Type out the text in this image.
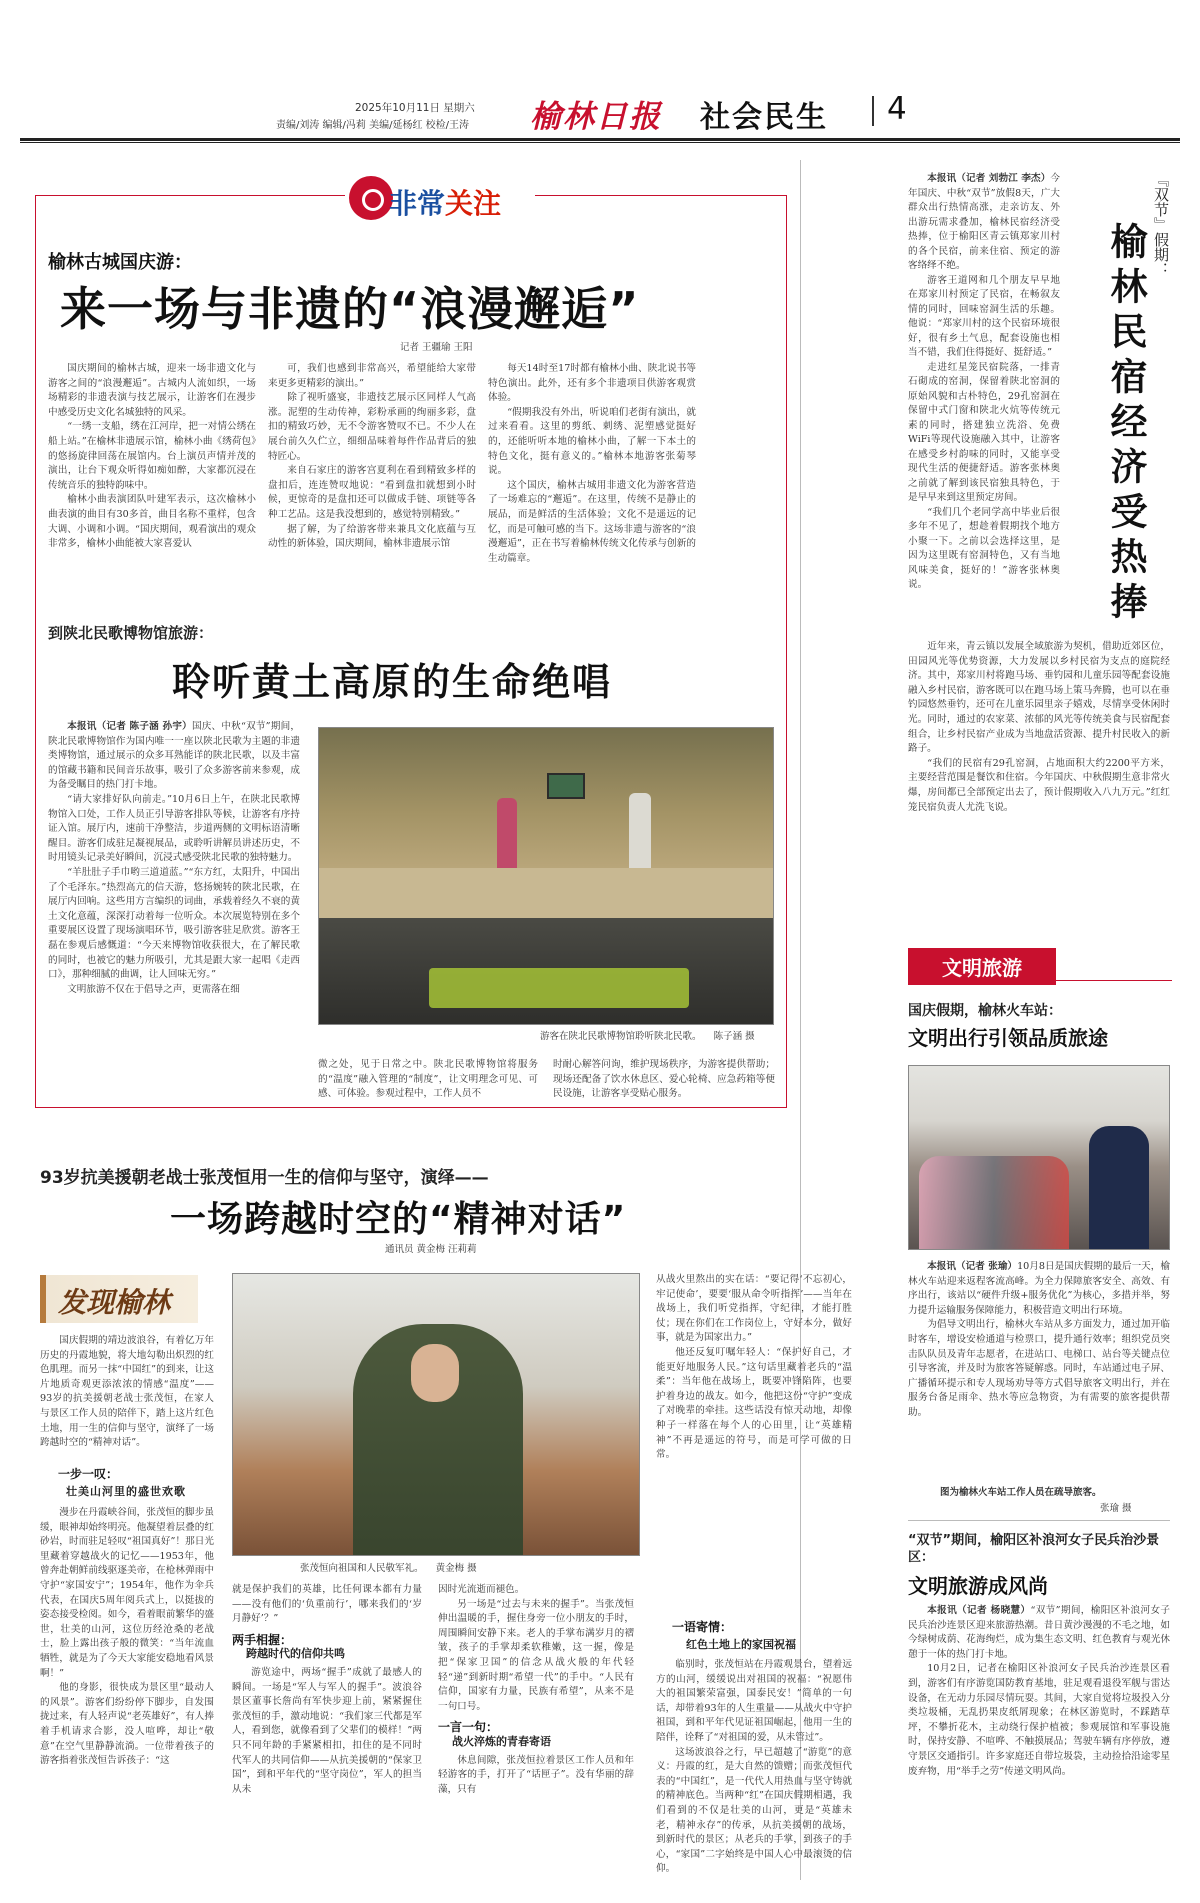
2025年10月11日 星期六
责编/刘涛 编辑/冯莉 美编/延杨红 校检/王涛 榆林日报 社会民生 4
非常关注
榆林古城国庆游：
来一场与非遗的“浪漫邂逅”
记者 王疆瑜 王阳

国庆期间的榆林古城，迎来一场非遗文化与游客之间的“浪漫邂逅”。古城内人流如织，一场场精彩的非遗表演与技艺展示，让游客们在漫步中感受历史文化名城独特的风采。

“一绣一支船，绣在江河岸，把一对情公绣在船上站。”在榆林非遗展示馆，榆林小曲《绣荷包》的悠扬旋律回荡在展馆内。台上演员声情并茂的演出，让台下观众听得如痴如醉，大家都沉浸在传统音乐的独特韵味中。

榆林小曲表演团队叶建军表示，这次榆林小曲表演的曲目有30多首，曲目名称不重样，包含大调、小调和小调。“国庆期间，观看演出的观众非常多，榆林小曲能被大家喜爱认

可，我们也感到非常高兴，希望能给大家带来更多更精彩的演出。”

除了视听盛宴，非遗技艺展示区同样人气高涨。泥塑的生动传神，彩粉承画的绚丽多彩，盘扣的精致巧妙，无不令游客赞叹不已。不少人在展台前久久伫立，细细品味着每件作品背后的独特匠心。

来自石家庄的游客宫夏利在看到精致多样的盘扣后，连连赞叹地说：“看到盘扣就想到小时候，更惊奇的是盘扣还可以做成手链、项链等各种工艺品。这是我没想到的，感觉特别精致。”

据了解，为了给游客带来兼具文化底蕴与互动性的新体验，国庆期间，榆林非遗展示馆

每天14时至17时都有榆林小曲、陕北说书等特色演出。此外，还有多个非遗项目供游客观赏体验。

“假期我没有外出，听说咱们老街有演出，就过来看看。这里的剪纸、刺绣、泥塑感觉挺好的，还能听听本地的榆林小曲，了解一下本土的特色文化，挺有意义的。”榆林本地游客张菊琴说。

这个国庆，榆林古城用非遗文化为游客营造了一场难忘的“邂逅”。在这里，传统不是静止的展品，而是鲜活的生活体验；文化不是遥远的记忆，而是可触可感的当下。这场非遗与游客的“浪漫邂逅”，正在书写着榆林传统文化传承与创新的生动篇章。

到陕北民歌博物馆旅游：
聆听黄土高原的生命绝唱

本报讯（记者 陈子涵 孙宇）国庆、中秋“双节”期间，陕北民歌博物馆作为国内唯一一座以陕北民歌为主题的非遗类博物馆，通过展示的众多耳熟能详的陕北民歌，以及丰富的馆藏书籍和民间音乐故事，吸引了众多游客前来参观，成为备受瞩目的热门打卡地。

“请大家排好队向前走。”10月6日上午，在陕北民歌博物馆入口处，工作人员正引导游客排队等候，让游客有序持证入馆。展厅内，速前干净整洁，步道两侧的文明标语清晰醒目。游客们成驻足凝视展品，或聆听讲解员讲述历史，不时用镜头记录美好瞬间，沉浸式感受陕北民歌的独特魅力。

“羊肚肚子手巾哟三道道蓝。”“东方红，太阳升，中国出了个毛泽东。”热烈高亢的信天游，悠扬婉转的陕北民歌，在展厅内回响。这些用方言编织的词曲，承载着经久不衰的黄土文化意蕴，深深打动着每一位听众。本次展览特别在多个重要展区设置了现场演唱环节，吸引游客驻足欣赏。游客王磊在参观后感慨道：“今天来博物馆收获很大，在了解民歌的同时，也被它的魅力所吸引，尤其是跟大家一起唱《走西口》，那种细腻的曲调，让人回味无穷。”

文明旅游不仅在于倡导之声，更需落在细

游客在陕北民歌博物馆聆听陕北民歌。 陈子涵 摄

微之处，见于日常之中。陕北民歌博物馆将服务的“温度”融入管理的“制度”，让文明理念可见、可感、可体验。参观过程中，工作人员不

时耐心解答问询，维护现场秩序，为游客提供帮助；现场还配备了饮水休息区、爱心轮椅、应急药箱等便民设施，让游客享受贴心服务。

本报讯（记者 刘勃江 李杰）今年国庆、中秋“双节”放假8天，广大群众出行热情高涨，走亲访友、外出游玩需求叠加，榆林民宿经济受热捧，位于榆阳区青云镇郑家川村的各个民宿，前来住宿、预定的游客络绎不绝。

游客王道网和几个朋友早早地在郑家川村预定了民宿，在畅叙友情的同时，回味窑洞生活的乐趣。他说：“郑家川村的这个民宿环境很好，很有乡土气息，配套设施也相当不错，我们住得挺好、挺舒适。”

走进红星笼民宿院落，一排青石砌成的窑洞，保留着陕北窑洞的原始风貌和古朴特色，29孔窑洞在保留中式门窗和陕北火炕等传统元素的同时，搭建独立洗浴、免费WiFi等现代设施融入其中，让游客在感受乡村韵味的同时，又能享受现代生活的便捷舒适。游客张林奥之前就了解到该民宿独具特色，于是早早来到这里预定房间。

“我们几个老同学高中毕业后很多年不见了，想趁着假期找个地方小聚一下。之前以会选择这里，是因为这里既有窑洞特色，又有当地风味美食，挺好的！”游客张林奥说。

近年来，青云镇以发展全域旅游为契机，借助近郊区位，田园风光等优势资源，大力发展以乡村民宿为支点的庭院经济。其中，郑家川村将跑马场、垂钓园和儿童乐园等配套设施融入乡村民宿，游客既可以在跑马场上策马奔腾，也可以在垂钓园悠然垂钓，还可在儿童乐园里亲子嬉戏，尽情享受休闲时光。同时，通过的农家菜、浓郁的风光等传统美食与民宿配套组合，让乡村民宿产业成为当地盘活资源、提升村民收入的新路子。

“我们的民宿有29孔窑洞，占地面积大约2200平方米，主要经营范围是餐饮和住宿。今年国庆、中秋假期生意非常火爆，房间都已全部预定出去了，预计假期收入八九万元。”红红笼民宿负责人尤洗飞说。

『双节』假期：
榆林民宿经济受热捧
文明旅游
国庆假期，榆林火车站：
文明出行引领品质旅途

本报讯（记者 张瑜）10月8日是国庆假期的最后一天，榆林火车站迎来返程客流高峰。为全力保障旅客安全、高效、有序出行，该站以“硬件升级+服务优化”为核心，多措并举，努力提升运输服务保障能力，积极营造文明出行环境。

为倡导文明出行，榆林火车站从多方面发力，通过加开临时客车，增设安检通道与检票口，提升通行效率；组织党员突击队队员及青年志愿者，在进站口、电梯口、站台等关键点位引导客流，并及时为旅客答疑解惑。同时，车站通过电子屏、广播循环提示和专人现场劝导等方式倡导旅客文明出行，并在服务台备足雨伞、热水等应急物资，为有需要的旅客提供帮助。

图为榆林火车站工作人员在疏导旅客。
张瑜 摄
“双节”期间，榆阳区补浪河女子民兵治沙景区：
文明旅游成风尚

本报讯（记者 杨晓慧）“双节”期间，榆阳区补浪河女子民兵治沙连景区迎来旅游热潮。昔日黄沙漫漫的不毛之地，如今绿树成荫、花海绚烂，成为集生态文明、红色教育与观光休憩于一体的热门打卡地。

10月2日，记者在榆阳区补浪河女子民兵治沙连景区看到，游客们有序游览国防教育基地，驻足观看退役军舰与雷达设备，在无动力乐园尽情玩耍。其间，大家自觉将垃圾投入分类垃圾桶，无乱扔果皮纸屑现象；在林区游览时，不踩踏草坪，不攀折花木，主动绕行保护植被；参观展馆和军事设施时，保持安静、不喧哗、不触摸展品；驾驶车辆有序停放，遵守景区交通指引。许多家庭还自带垃圾袋，主动捡拾沿途零星废弃物，用“举手之劳”传递文明风尚。

93岁抗美援朝老战士张茂恒用一生的信仰与坚守，演绎——
一场跨越时空的“精神对话”
通讯员 黄金梅 汪莉莉
发现榆林

国庆假期的靖边波浪谷，有着亿万年历史的丹霞地貌，将大地勾勒出炽烈的红色肌理。而另一抹“中国红”的到来，让这片地质奇观更添浓浓的情感“温度”——93岁的抗美援朝老战士张茂恒，在家人与景区工作人员的陪伴下，踏上这片红色土地，用一生的信仰与坚守，演绎了一场跨越时空的“精神对话”。

一步一叹：
壮美山河里的盛世欢歌

漫步在丹霞峡谷间，张茂恒的脚步虽缓，眼神却始终明亮。他凝望着层叠的红砂岩，时而驻足轻叹“祖国真好”！那日光里藏着穿越战火的记忆——1953年，他曾奔赴朝鲜前线驱逐美帝，在枪林弹雨中守护“家国安宁”；1954年，他作为伞兵代表，在国庆5周年阅兵式上，以挺拔的姿态接受检阅。如今，看着眼前繁华的盛世，壮美的山河，这位历经沧桑的老战士，脸上露出孩子般的微笑：“当年流血牺牲，就是为了今天大家能安稳地看风景啊！”

他的身影，很快成为景区里“最动人的风景”。游客们纷纷停下脚步，自发围拢过来，有人轻声说“老英雄好”，有人捧着手机请求合影，没人喧哗，却让“敬意”在空气里静静流淌。一位带着孩子的游客指着张茂恒告诉孩子：“这

张茂恒向祖国和人民敬军礼。 黄金梅 摄

就是保护我们的英雄，比任何课本都有力量——没有他们的‘负重前行’，哪来我们的‘岁月静好’？”

两手相握：
跨越时代的信仰共鸣

游览途中，两场“握手”成就了最感人的瞬间。一场是“军人与军人的握手”。波浪谷景区董事长詹尚有军快步迎上前，紧紧握住张茂恒的手，激动地说：“我们家三代都是军人，看到您，就像看到了父辈们的模样！”两只不同年龄的手紧紧相扣，扣住的是不同时代军人的共同信仰——从抗美援朝的“保家卫国”，到和平年代的“坚守岗位”，军人的担当从未

因时光流逝而褪色。

另一场是“过去与未来的握手”。当张茂恒伸出温暖的手，握住身旁一位小朋友的手时，周围瞬间安静下来。老人的手掌布满岁月的褶皱，孩子的手掌却柔软稚嫩，这一握，像是把“保家卫国”的信念从战火般的年代轻轻“递”到新时期“希望一代”的手中。“人民有信仰，国家有力量，民族有希望”，从来不是一句口号。

一言一句：
战火淬炼的青春寄语

休息间隙，张茂恒拉着景区工作人员和年轻游客的手，打开了“话匣子”。没有华丽的辞藻，只有

从战火里熬出的实在话：“要记得‘不忘初心，牢记使命’，要要‘服从命令听指挥’——当年在战场上，我们听党指挥，守纪律，才能打胜仗；现在你们在工作岗位上，守好本分，做好事，就是为国家出力。”

他还反复叮嘱年轻人：“保护好自己，才能更好地服务人民。”这句话里藏着老兵的“温柔”：当年他在战场上，既要冲锋陷阵，也要护着身边的战友。如今，他把这份“守护”变成了对晚辈的牵挂。这些话没有惊天动地，却像种子一样落在每个人的心田里，让“英雄精神”不再是遥远的符号，而是可学可做的日常。

一语寄情：
红色土地上的家国祝福

临别时，张茂恒站在丹霞观景台，望着远方的山河，缓缓说出对祖国的祝福：“祝愿伟大的祖国繁荣富强，国泰民安！”简单的一句话，却带着93年的人生重量——从战火中守护祖国，到和平年代见证祖国崛起，他用一生的陪伴，诠释了“对祖国的爱，从未管过”。

这场波浪谷之行，早已超越了“游览”的意义：丹霞的红，是大自然的馈赠；而张茂恒代表的“中国红”，是一代代人用热血与坚守铸就的精神底色。当两种“红”在国庆假期相遇，我们看到的不仅是壮美的山河，更是“英雄未老，精神永存”的传承，从抗美援朝的战场，到新时代的景区；从老兵的手掌，到孩子的手心，“家国”二字始终是中国人心中最滚烫的信仰。
